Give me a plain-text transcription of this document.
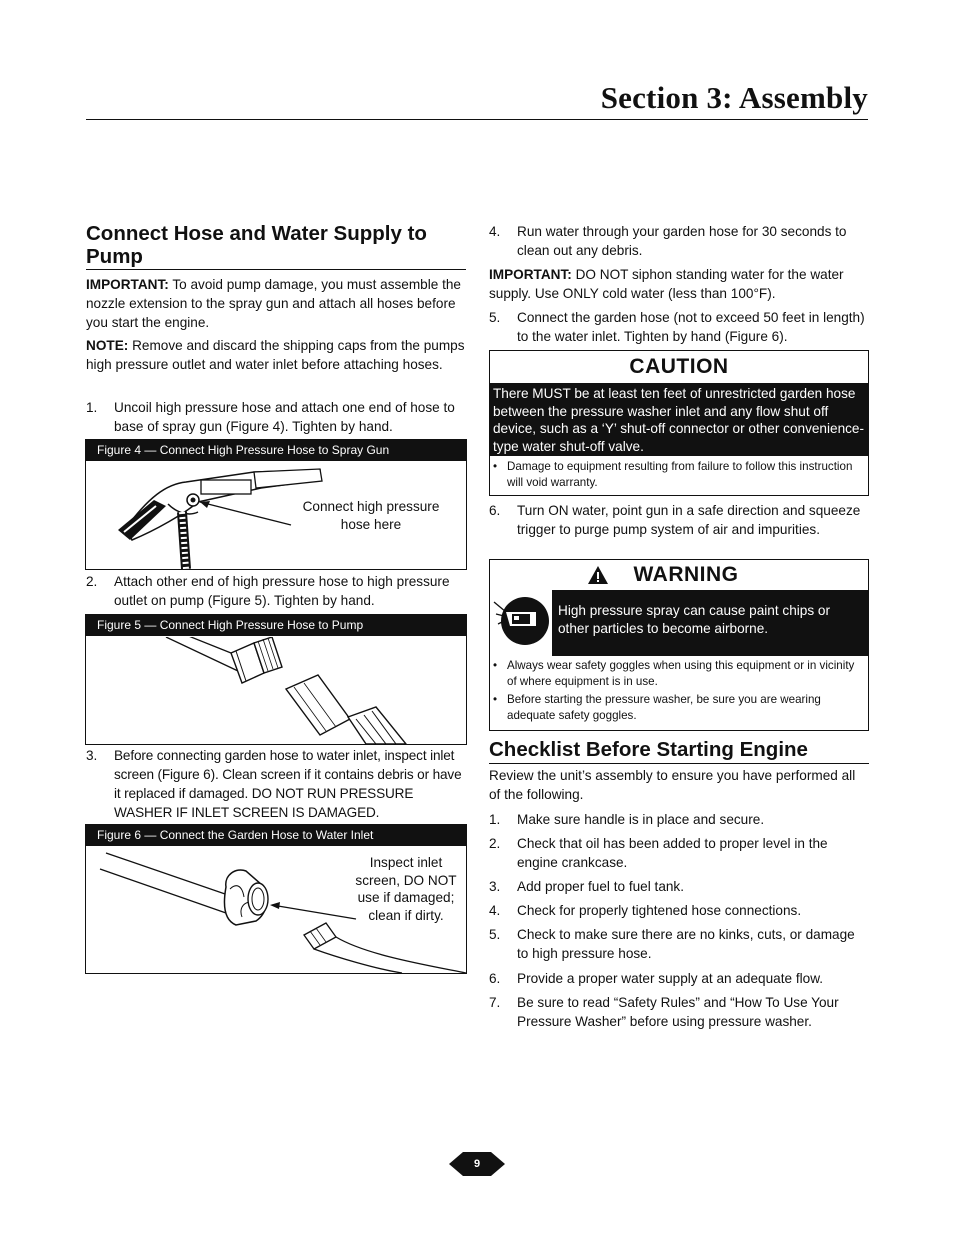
Section 3: Assembly
Connect Hose and Water Supply to Pump
IMPORTANT: To avoid pump damage, you must assemble the nozzle extension to the spray gun and attach all hoses before you start the engine.
NOTE: Remove and discard the shipping caps from the pumps high pressure outlet and water inlet before attaching hoses.
1. Uncoil high pressure hose and attach one end of hose to base of spray gun (Figure 4). Tighten by hand.
Figure 4 — Connect High Pressure Hose to Spray Gun
Connect high pressure hose here
2. Attach other end of high pressure hose to high pressure outlet on pump (Figure 5). Tighten by hand.
Figure 5 — Connect High Pressure Hose to Pump
3. Before connecting garden hose to water inlet, inspect inlet screen (Figure 6). Clean screen if it contains debris or have it replaced if damaged. DO NOT RUN PRESSURE WASHER IF INLET SCREEN IS DAMAGED.
Figure 6 — Connect the Garden Hose to Water Inlet
Inspect inlet screen, DO NOT use if damaged; clean if dirty.
4. Run water through your garden hose for 30 seconds to clean out any debris.
IMPORTANT: DO NOT siphon standing water for the water supply. Use ONLY cold water (less than 100°F).
5. Connect the garden hose (not to exceed 50 feet in length) to the water inlet. Tighten by hand (Figure 6).
CAUTION
There MUST be at least ten feet of unrestricted garden hose between the pressure washer inlet and any flow shut off device, such as a ‘Y’ shut-off connector or other convenience-type water shut-off valve.
• Damage to equipment resulting from failure to follow this instruction will void warranty.
6. Turn ON water, point gun in a safe direction and squeeze trigger to purge pump system of air and impurities.
WARNING
High pressure spray can cause paint chips or other particles to become airborne.
• Always wear safety goggles when using this equipment or in vicinity of where equipment is in use.
• Before starting the pressure washer, be sure you are wearing adequate safety goggles.
Checklist Before Starting Engine
Review the unit’s assembly to ensure you have performed all of the following.
1. Make sure handle is in place and secure.
2. Check that oil has been added to proper level in the engine crankcase.
3. Add proper fuel to fuel tank.
4. Check for properly tightened hose connections.
5. Check to make sure there are no kinks, cuts, or damage to high pressure hose.
6. Provide a proper water supply at an adequate flow.
7. Be sure to read “Safety Rules” and “How To Use Your Pressure Washer” before using pressure washer.
9
